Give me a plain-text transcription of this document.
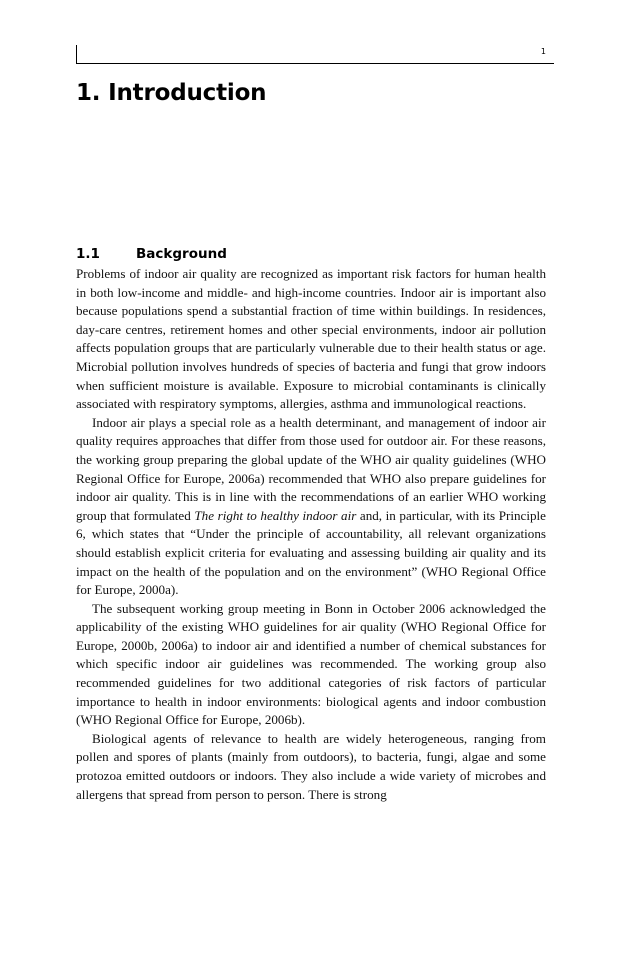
1
1. Introduction
1.1	Background

Problems of indoor air quality are recognized as important risk factors for human health in both low-income and middle- and high-income countries. Indoor air is important also because populations spend a substantial fraction of time within buildings. In residences, day-care centres, retirement homes and other special environments, indoor air pollution affects population groups that are particularly vulnerable due to their health status or age. Microbial pollution involves hundreds of species of bacteria and fungi that grow indoors when sufficient moisture is available. Exposure to microbial contaminants is clinically associated with respiratory symptoms, allergies, asthma and immunological reactions.

Indoor air plays a special role as a health determinant, and management of indoor air quality requires approaches that differ from those used for outdoor air. For these reasons, the working group preparing the global update of the WHO air quality guidelines (WHO Regional Office for Europe, 2006a) recommended that WHO also prepare guidelines for indoor air quality. This is in line with the recommendations of an earlier WHO working group that formulated The right to healthy indoor air and, in particular, with its Principle 6, which states that “Under the principle of accountability, all relevant organizations should establish explicit criteria for evaluating and assessing building air quality and its impact on the health of the population and on the environment” (WHO Regional Office for Europe, 2000a).

The subsequent working group meeting in Bonn in October 2006 acknowledged the applicability of the existing WHO guidelines for air quality (WHO Regional Office for Europe, 2000b, 2006a) to indoor air and identified a number of chemical substances for which specific indoor air guidelines was recommended. The working group also recommended guidelines for two additional categories of risk factors of particular importance to health in indoor environments: biological agents and indoor combustion (WHO Regional Office for Europe, 2006b).

Biological agents of relevance to health are widely heterogeneous, ranging from pollen and spores of plants (mainly from outdoors), to bacteria, fungi, algae and some protozoa emitted outdoors or indoors. They also include a wide variety of microbes and allergens that spread from person to person. There is strong
